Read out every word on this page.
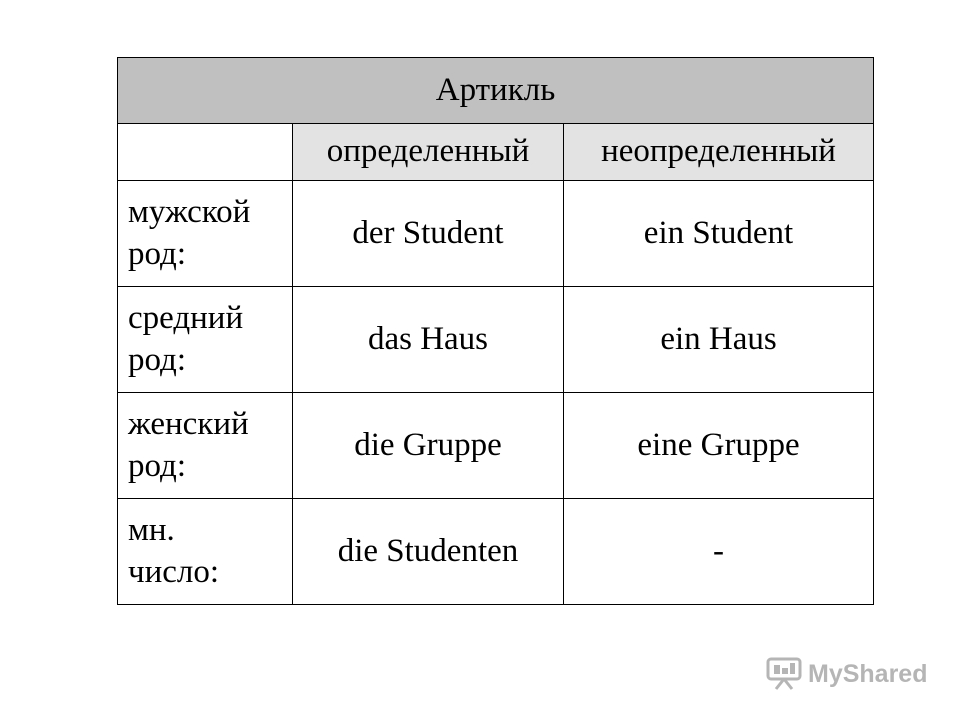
Артикль		
	определенный	неопределенный
мужской
род:	der Student	ein Student
средний
род:	das Haus	ein Haus
женский
род:	die Gruppe	eine Gruppe
мн.
число:	die Studenten	-
MyShared
